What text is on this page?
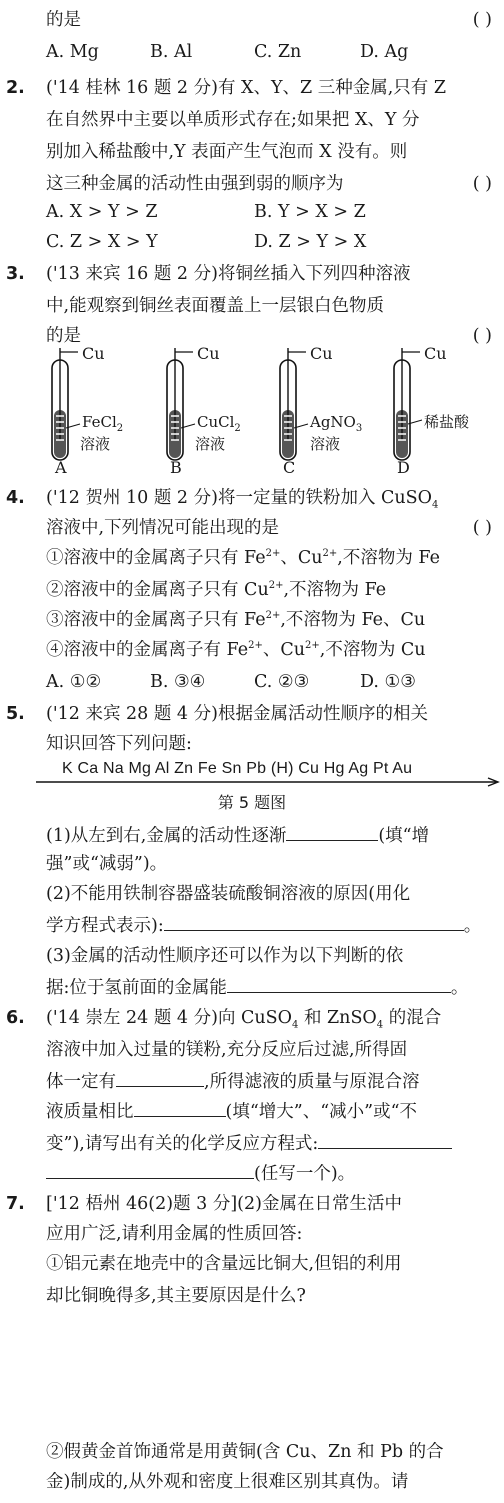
的是	( )
A. Mg	B. Al	C. Zn	D. Ag
2. ('14 桂林 16 题 2 分)有 X、Y、Z 三种金属,只有 Z
在自然界中主要以单质形式存在;如果把 X、Y 分
别加入稀盐酸中,Y 表面产生气泡而 X 没有。则
这三种金属的活动性由强到弱的顺序为	( )
A. X > Y > Z	B. Y > X > Z
C. Z > X > Y	D. Z > Y > X
3. ('13 来宾 16 题 2 分)将铜丝插入下列四种溶液
中,能观察到铜丝表面覆盖上一层银白色物质
的是	( )
Cu	Cu	Cu	Cu
FeCl$_2$
溶液
CuCl$_2$
溶液
AgNO$_3$
溶液
稀盐酸
A	B	C	D
4. ('12 贺州 10 题 2 分)将一定量的铁粉加入 CuSO$_4$
溶液中,下列情况可能出现的是	( )
①溶液中的金属离子只有 $Fe^{2+}$、$Cu^{2+}$,不溶物为 Fe
②溶液中的金属离子只有 $Cu^{2+}$,不溶物为 Fe
③溶液中的金属离子只有 $Fe^{2+}$,不溶物为 Fe、Cu
④溶液中的金属离子有 $Fe^{2+}$、$Cu^{2+}$,不溶物为 Cu
A. ①②	B. ③④	C. ②③	D. ①③
5. ('12 来宾 28 题 4 分)根据金属活动性顺序的相关
知识回答下列问题:
K Ca Na Mg Al Zn Fe Sn Pb (H) Cu Hg Ag Pt Au
第 5 题图
(1)从左到右,金属的活动性逐渐	(填“增
强”或“减弱”)。
(2)不能用铁制容器盛装硫酸铜溶液的原因(用化
学方程式表示):	。
(3)金属的活动性顺序还可以作为以下判断的依
据:位于氢前面的金属能	。
6. ('14 崇左 24 题 4 分)向 CuSO$_4$ 和 ZnSO$_4$ 的混合
溶液中加入过量的镁粉,充分反应后过滤,所得固
体一定有	,所得滤液的质量与原混合溶
液质量相比	(填“增大”、“减小”或“不
变”),请写出有关的化学反应方程式:
(任写一个)。
7. ['12 梧州 46(2)题 3 分](2)金属在日常生活中
应用广泛,请利用金属的性质回答:
①铝元素在地壳中的含量远比铜大,但铝的利用
却比铜晚得多,其主要原因是什么?
②假黄金首饰通常是用黄铜(含 Cu、Zn 和 Pb 的合
金)制成的,从外观和密度上很难区别其真伪。请
